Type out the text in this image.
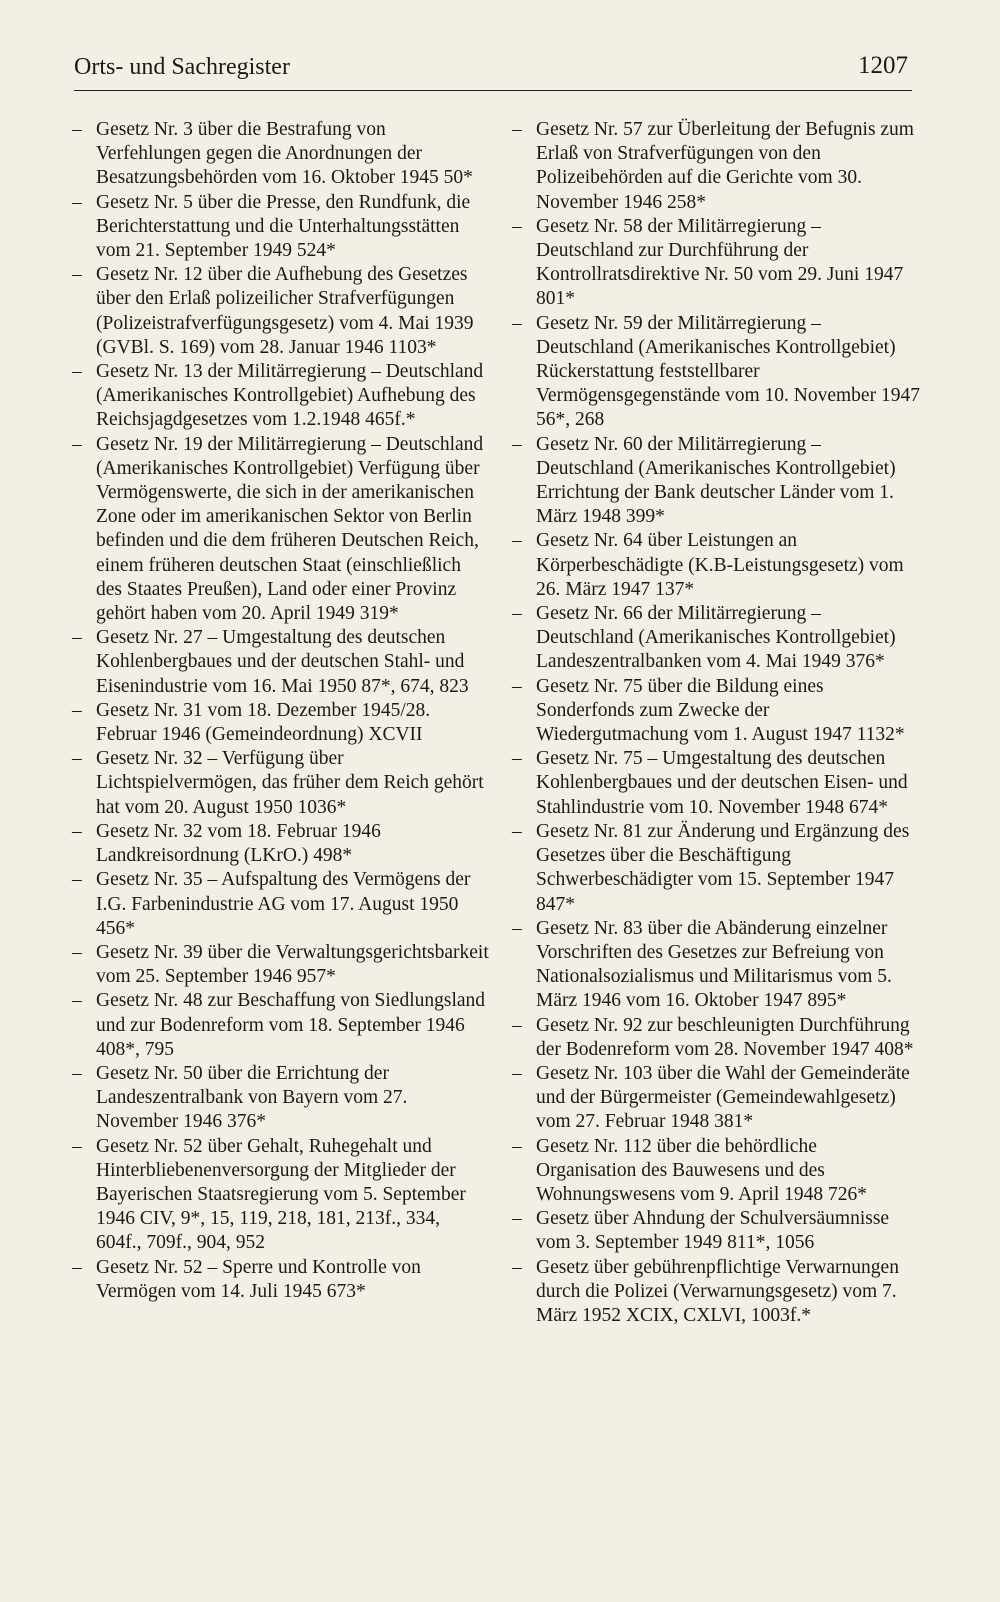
Orts- und Sachregister	1207
– Gesetz Nr. 3 über die Bestrafung von Verfehlungen gegen die Anordnungen der Besatzungsbehörden vom 16. Oktober 1945 50*
– Gesetz Nr. 5 über die Presse, den Rundfunk, die Berichterstattung und die Unterhaltungsstätten vom 21. September 1949 524*
– Gesetz Nr. 12 über die Aufhebung des Gesetzes über den Erlaß polizeilicher Strafverfügungen (Polizeistrafverfügungsgesetz) vom 4. Mai 1939 (GVBl. S. 169) vom 28. Januar 1946 1103*
– Gesetz Nr. 13 der Militärregierung – Deutschland (Amerikanisches Kontrollgebiet) Aufhebung des Reichsjagdgesetzes vom 1.2.1948 465f.*
– Gesetz Nr. 19 der Militärregierung – Deutschland (Amerikanisches Kontrollgebiet) Verfügung über Vermögenswerte, die sich in der amerikanischen Zone oder im amerikanischen Sektor von Berlin befinden und die dem früheren Deutschen Reich, einem früheren deutschen Staat (einschließlich des Staates Preußen), Land oder einer Provinz gehört haben vom 20. April 1949 319*
– Gesetz Nr. 27 – Umgestaltung des deutschen Kohlenbergbaues und der deutschen Stahl- und Eisenindustrie vom 16. Mai 1950 87*, 674, 823
– Gesetz Nr. 31 vom 18. Dezember 1945/28. Februar 1946 (Gemeindeordnung) XCVII
– Gesetz Nr. 32 – Verfügung über Lichtspielvermögen, das früher dem Reich gehört hat vom 20. August 1950 1036*
– Gesetz Nr. 32 vom 18. Februar 1946 Landkreisordnung (LKrO.) 498*
– Gesetz Nr. 35 – Aufspaltung des Vermögens der I.G. Farbenindustrie AG vom 17. August 1950 456*
– Gesetz Nr. 39 über die Verwaltungsgerichtsbarkeit vom 25. September 1946 957*
– Gesetz Nr. 48 zur Beschaffung von Siedlungsland und zur Bodenreform vom 18. September 1946 408*, 795
– Gesetz Nr. 50 über die Errichtung der Landeszentralbank von Bayern vom 27. November 1946 376*
– Gesetz Nr. 52 über Gehalt, Ruhegehalt und Hinterbliebenenversorgung der Mitglieder der Bayerischen Staatsregierung vom 5. September 1946 CIV, 9*, 15, 119, 218, 181, 213f., 334, 604f., 709f., 904, 952
– Gesetz Nr. 52 – Sperre und Kontrolle von Vermögen vom 14. Juli 1945 673*
– Gesetz Nr. 57 zur Überleitung der Befugnis zum Erlaß von Strafverfügungen von den Polizeibehörden auf die Gerichte vom 30. November 1946 258*
– Gesetz Nr. 58 der Militärregierung – Deutschland zur Durchführung der Kontrollratsdirektive Nr. 50 vom 29. Juni 1947 801*
– Gesetz Nr. 59 der Militärregierung – Deutschland (Amerikanisches Kontrollgebiet) Rückerstattung feststellbarer Vermögensgegenstände vom 10. November 1947 56*, 268
– Gesetz Nr. 60 der Militärregierung – Deutschland (Amerikanisches Kontrollgebiet) Errichtung der Bank deutscher Länder vom 1. März 1948 399*
– Gesetz Nr. 64 über Leistungen an Körperbeschädigte (K.B-Leistungsgesetz) vom 26. März 1947 137*
– Gesetz Nr. 66 der Militärregierung – Deutschland (Amerikanisches Kontrollgebiet) Landeszentralbanken vom 4. Mai 1949 376*
– Gesetz Nr. 75 über die Bildung eines Sonderfonds zum Zwecke der Wiedergutmachung vom 1. August 1947 1132*
– Gesetz Nr. 75 – Umgestaltung des deutschen Kohlenbergbaues und der deutschen Eisen- und Stahlindustrie vom 10. November 1948 674*
– Gesetz Nr. 81 zur Änderung und Ergänzung des Gesetzes über die Beschäftigung Schwerbeschädigter vom 15. September 1947 847*
– Gesetz Nr. 83 über die Abänderung einzelner Vorschriften des Gesetzes zur Befreiung von Nationalsozialismus und Militarismus vom 5. März 1946 vom 16. Oktober 1947 895*
– Gesetz Nr. 92 zur beschleunigten Durchführung der Bodenreform vom 28. November 1947 408*
– Gesetz Nr. 103 über die Wahl der Gemeinderäte und der Bürgermeister (Gemeindewahlgesetz) vom 27. Februar 1948 381*
– Gesetz Nr. 112 über die behördliche Organisation des Bauwesens und des Wohnungswesens vom 9. April 1948 726*
– Gesetz über Ahndung der Schulversäumnisse vom 3. September 1949 811*, 1056
– Gesetz über gebührenpflichtige Verwarnungen durch die Polizei (Verwarnungsgesetz) vom 7. März 1952 XCIX, CXLVI, 1003f.*
